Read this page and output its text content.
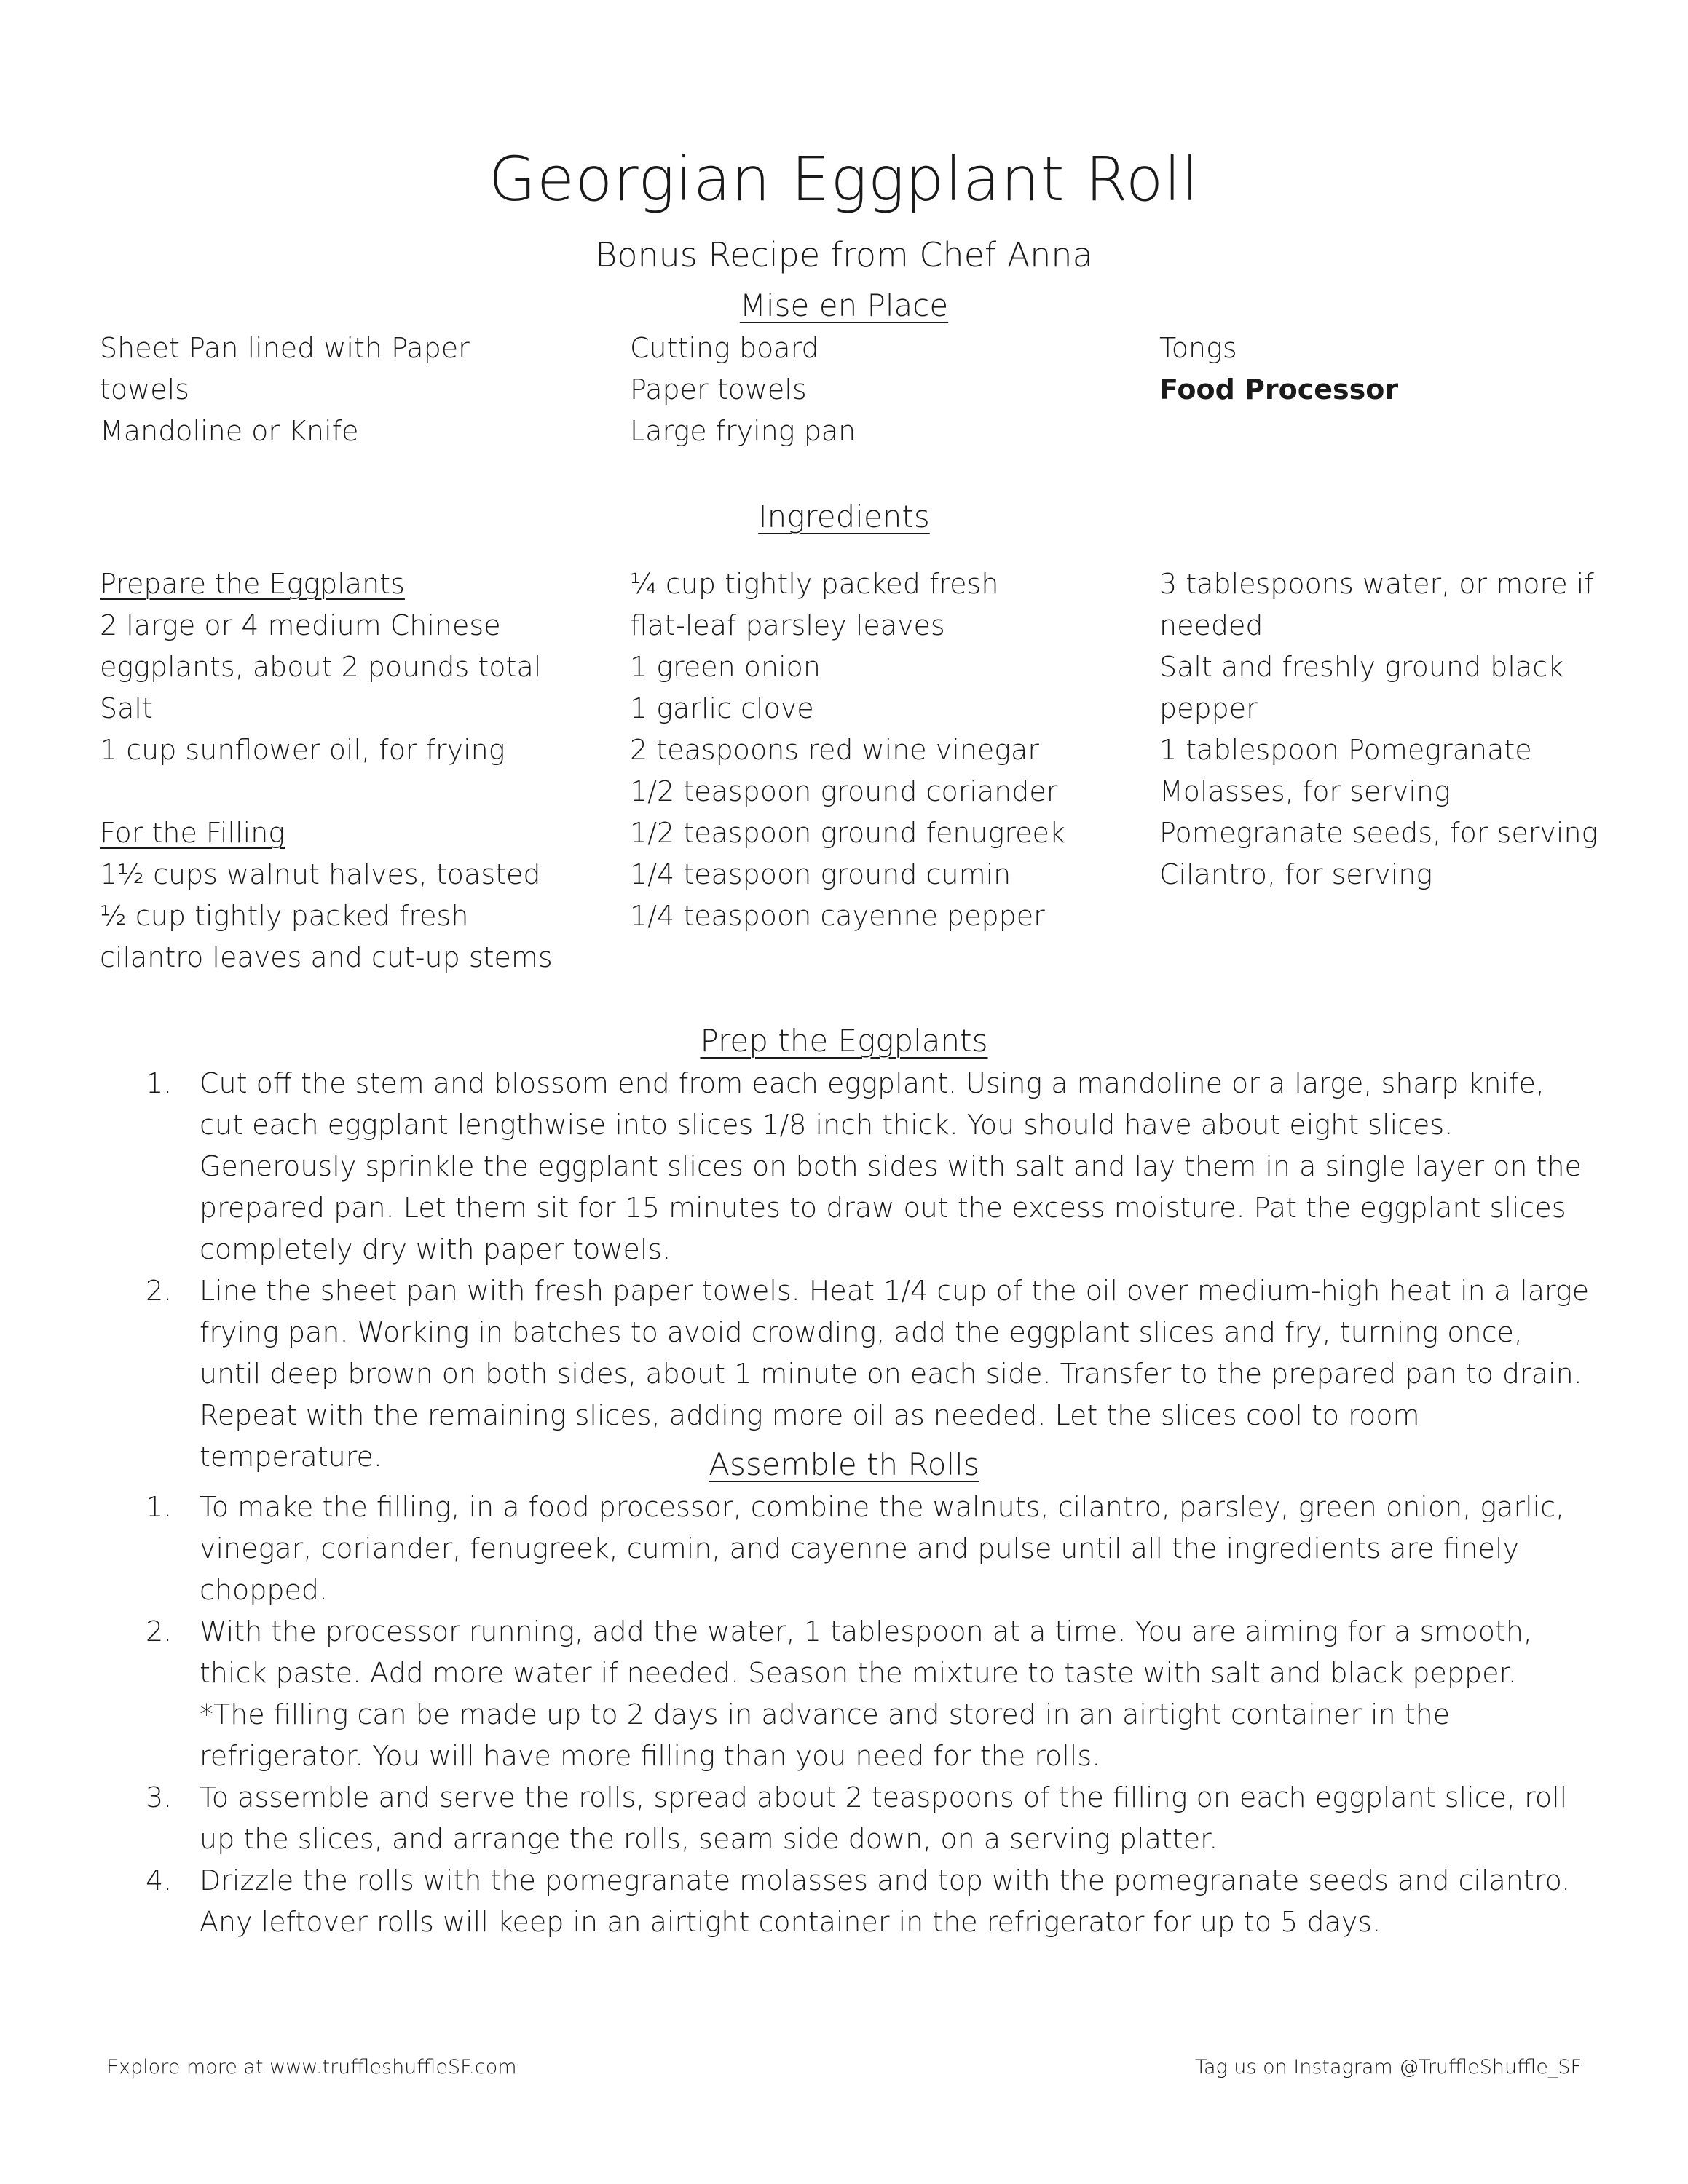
Georgian Eggplant Roll
Bonus Recipe from Chef Anna
Mise en Place
Sheet Pan lined with Paper
towels
Mandoline or Knife
Cutting board
Paper towels
Large frying pan
Tongs
Food Processor
Ingredients
Prepare the Eggplants
2 large or 4 medium Chinese
eggplants, about 2 pounds total
Salt
1 cup sunflower oil, for frying
For the Filling
1½ cups walnut halves, toasted
½ cup tightly packed fresh
cilantro leaves and cut-up stems
¼ cup tightly packed fresh
flat-leaf parsley leaves
1 green onion
1 garlic clove
2 teaspoons red wine vinegar
1/2 teaspoon ground coriander
1/2 teaspoon ground fenugreek
1/4 teaspoon ground cumin
1/4 teaspoon cayenne pepper
3 tablespoons water, or more if
needed
Salt and freshly ground black
pepper
1 tablespoon Pomegranate
Molasses, for serving
Pomegranate seeds, for serving
Cilantro, for serving
Prep the Eggplants
1. Cut off the stem and blossom end from each eggplant. Using a mandoline or a large, sharp knife, cut each eggplant lengthwise into slices 1/8 inch thick. You should have about eight slices. Generously sprinkle the eggplant slices on both sides with salt and lay them in a single layer on the prepared pan. Let them sit for 15 minutes to draw out the excess moisture. Pat the eggplant slices completely dry with paper towels.
2. Line the sheet pan with fresh paper towels. Heat 1/4 cup of the oil over medium-high heat in a large frying pan. Working in batches to avoid crowding, add the eggplant slices and fry, turning once, until deep brown on both sides, about 1 minute on each side. Transfer to the prepared pan to drain. Repeat with the remaining slices, adding more oil as needed. Let the slices cool to room temperature.	Assemble th Rolls
1. To make the filling, in a food processor, combine the walnuts, cilantro, parsley, green onion, garlic, vinegar, coriander, fenugreek, cumin, and cayenne and pulse until all the ingredients are finely chopped.
2. With the processor running, add the water, 1 tablespoon at a time. You are aiming for a smooth, thick paste. Add more water if needed. Season the mixture to taste with salt and black pepper.
*The filling can be made up to 2 days in advance and stored in an airtight container in the refrigerator. You will have more filling than you need for the rolls.
3. To assemble and serve the rolls, spread about 2 teaspoons of the filling on each eggplant slice, roll up the slices, and arrange the rolls, seam side down, on a serving platter.
4. Drizzle the rolls with the pomegranate molasses and top with the pomegranate seeds and cilantro. Any leftover rolls will keep in an airtight container in the refrigerator for up to 5 days.
Explore more at www.truffleshuffleSF.com	Tag us on Instagram @TruffleShuffle_SF
